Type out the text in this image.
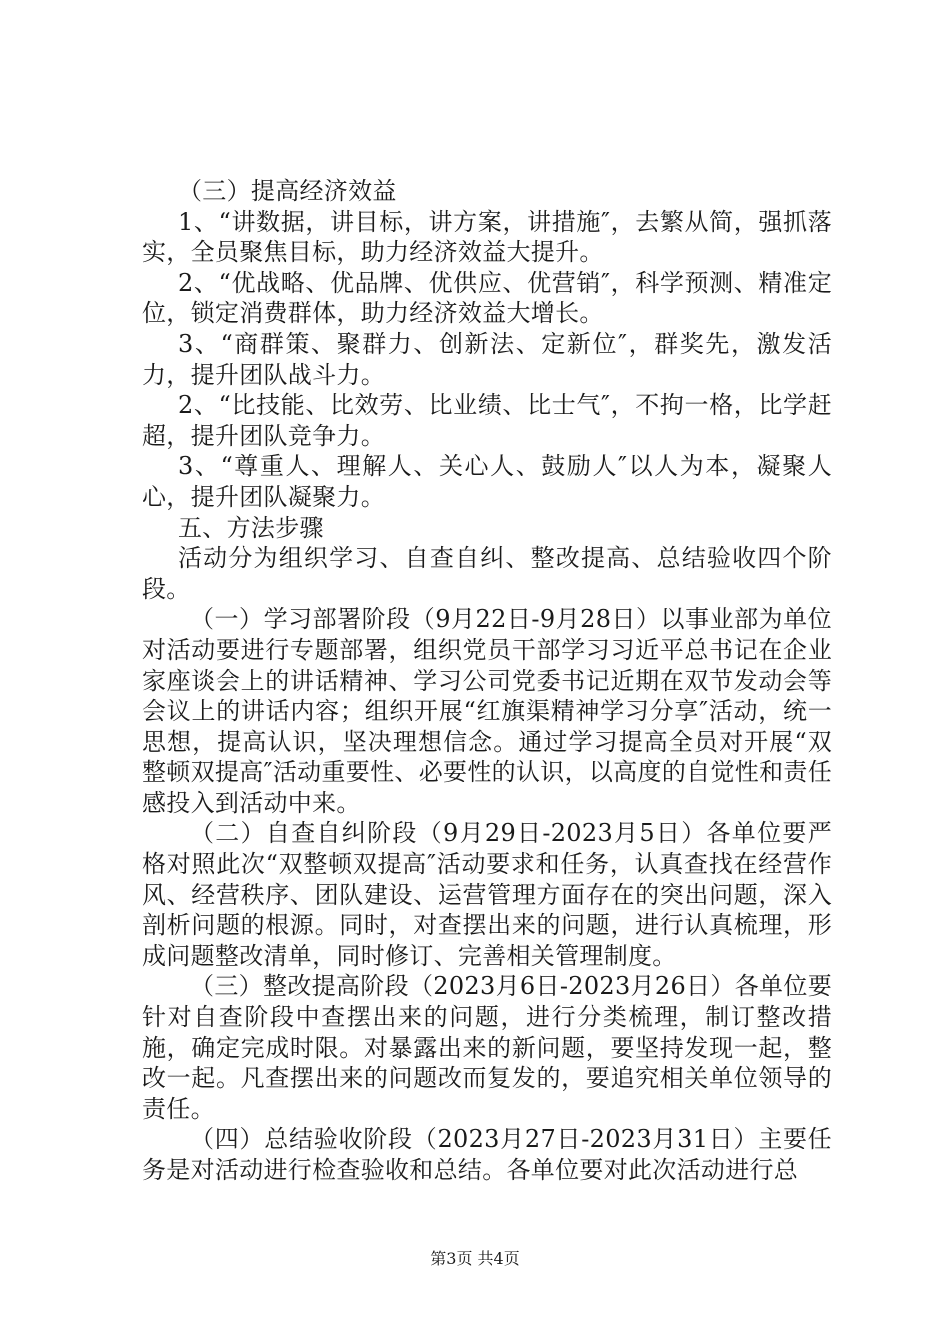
（三）提高经济效益

1、“讲数据，讲目标，讲方案，讲措施″，去繁从简，强抓落实，全员聚焦目标，助力经济效益大提升。

2、“优战略、优品牌、优供应、优营销″，科学预测、精准定位，锁定消费群体，助力经济效益大增长。

3、“商群策、聚群力、创新法、定新位″，群奖先，激发活力，提升团队战斗力。

2、“比技能、比效劳、比业绩、比士气″，不拘一格，比学赶超，提升团队竞争力。

3、“尊重人、理解人、关心人、鼓励人″以人为本，凝聚人心，提升团队凝聚力。

五、方法步骤

活动分为组织学习、自查自纠、整改提高、总结验收四个阶段。

（一）学习部署阶段（9月22日-9月28日）以事业部为单位对活动要进行专题部署，组织党员干部学习习近平总书记在企业家座谈会上的讲话精神、学习公司党委书记近期在双节发动会等会议上的讲话内容；组织开展“红旗渠精神学习分享″活动，统一思想，提高认识，坚决理想信念。通过学习提高全员对开展“双整顿双提高″活动重要性、必要性的认识，以高度的自觉性和责任感投入到活动中来。

（二）自查自纠阶段（9月29日-2023月5日）各单位要严格对照此次“双整顿双提高″活动要求和任务，认真查找在经营作风、经营秩序、团队建设、运营管理方面存在的突出问题，深入剖析问题的根源。同时，对查摆出来的问题，进行认真梳理，形成问题整改清单，同时修订、完善相关管理制度。

（三）整改提高阶段（2023月6日-2023月26日）各单位要针对自查阶段中查摆出来的问题，进行分类梳理，制订整改措施，确定完成时限。对暴露出来的新问题，要坚持发现一起，整改一起。凡查摆出来的问题改而复发的，要追究相关单位领导的责任。

（四）总结验收阶段（2023月27日-2023月31日）主要任务是对活动进行检查验收和总结。各单位要对此次活动进行总

第3页 共4页
